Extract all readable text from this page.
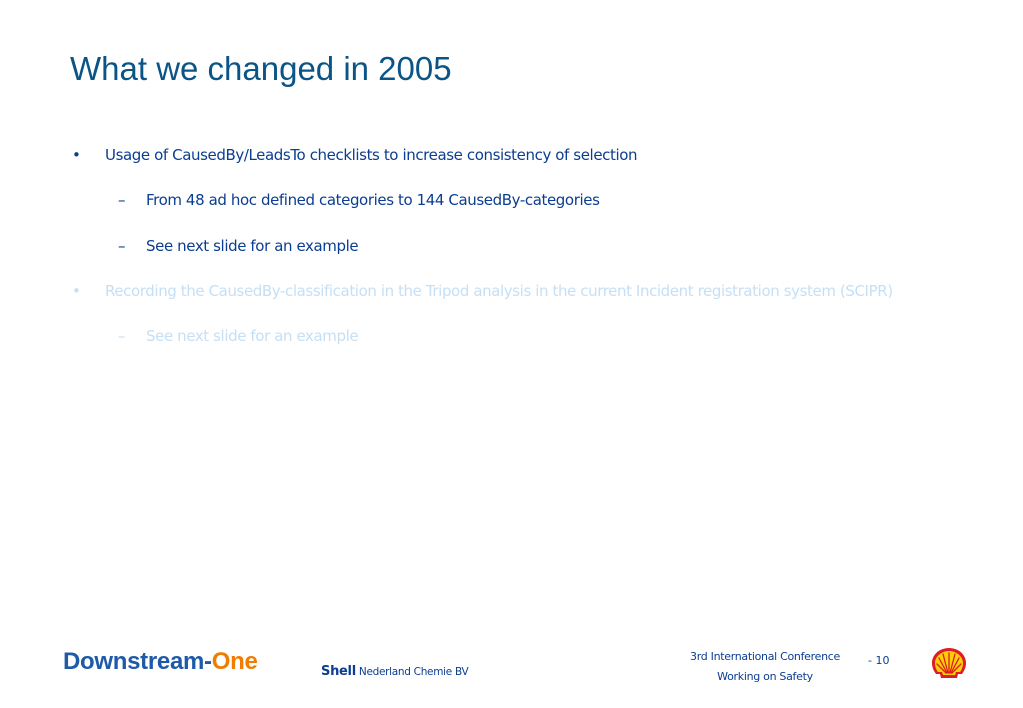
What we changed in 2005
• Usage of CausedBy/LeadsTo checklists to increase consistency of selection
– From 48 ad hoc defined categories to 144 CausedBy-categories
– See next slide for an example
• Recording the CausedBy-classification in the Tripod analysis in the current Incident registration system (SCIPR)
– See next slide for an example
Downstream-One	Shell Nederland Chemie BV
3rd International Conference
Working on Safety
- 10
